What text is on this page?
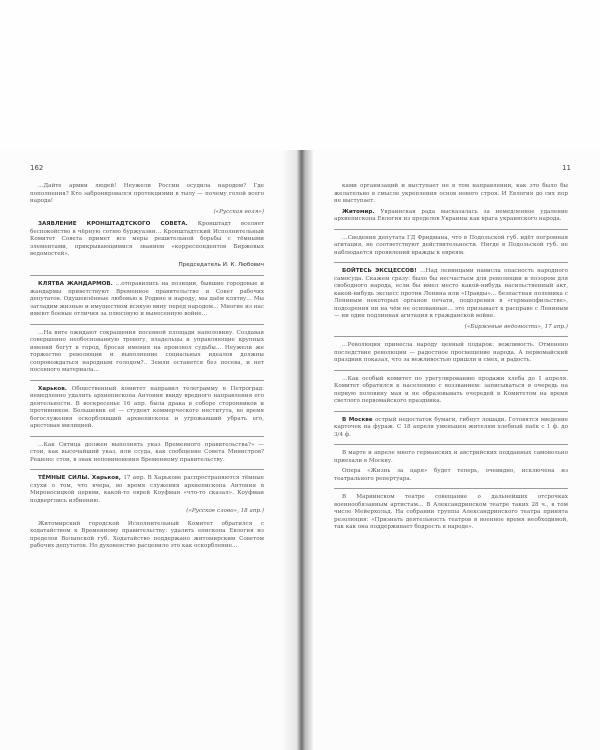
162	11

…Дайте армии людей! Неужели России осудила народом? Где пополнения? Кто забронировался протекциями в тылу — почему голой всего народа!

(«Русская воля»)

ЗАЯВЛЕНИЕ КРОНШТАДТСКОГО СОВЕТА. Кронштадт вселяет беспокойство в чёрную сотню буржуазии… Кронштадтский Исполнительный Комитет Совета примет все меры решительной борьбы с тёмными элементами, прикрывающимися званием «корреспондентов Биржевых ведомостей».

Председатель И. К. Любович

КЛЯТВА ЖАНДАРМОВ. …отправились на позиции, бывшие городовые и жандармы приветствуют Временное правительство и Совет рабочих депутатов. Одушевлённые любовью к Родине и народу, мы даём клятву… Мы загладим жизнью и имуществом всякую вину перед народом… Многие из нас имеют боевые отличия за плюсовую и вынесенную войне…

…На вите ожидают сокращения посевной площади наполовину. Создавая совершенно необоснованную тревогу, владельцы и управляющие крупных имений бегут в город, бросая имения на произвол судьбы… Неужели же торжество революции и выполнение социальных идеалов должны сопровождаться народным голодом?.. Земли останется без посева, и нет посевного материала…

Харьков. Общественный комитет направил телеграмму в Петроград: немедленно удалить архиепископа Антония ввиду вредного направления его деятельности. В воскресенье 16 апр. была драка в соборе сторонников и противников. Большевик её — студент коммерческого института, во время богослужения оскорблявший архиепископа и угрожавший убрать его, арестован милицией.

…Как Ситица должен выполнять указ Временного правительства?» — стои, как высочайший указ, или ссуда, как сообщение Совета Министров? Решено: стои, в знак неповиновения Временному правительству.

ТЁМНЫЕ СИЛЫ. Харьков, 17 апр. В Харькове распространяются тёмные слухи о том, что вчера, во время служения архиепископа Антония в Мироносицкой церкви, какой-то еврей Коуфман «что-то сказал». Коуфман подверглись избиению.

(«Русское слово», 18 апр.)

Житомирский городской Исполнительный Комитет обратился с ходатайством к Временному правительству: удалить епископа Евлогия из пределов Волынской губ. Ходатайство поддержано житомирским Советом рабочих депутатов. Но духовенство расценило это как оскорбление…

ками организаций и выступает не в том направлении, как это было бы желательно в смысле укрепления основ нового строя. И Евлогия до сих пор не выступает.

Житомир. Украинская рада высказалась за немедленное удаление архиепископа Евлогия из пределов Украины как врага украинского народа.

…Сведения депутата ГД Фридмана, что в Подольской губ. идёт погромная агитация, не соответствуют действительности. Нигде в Подольской губ. не наблюдается проявлений вражды к евреям.

БОЙТЕСЬ ЭКСЦЕССОВ! …Над ленинцами навислa опасность народного самосуда. Скажем сразу: было бы несчастьем для революции и позором для свободного народа, если бы имел место какой-нибудь насильственный акт, какой-нибудь эксцесс против Ленина или «Правды»… безпастная полемика с Лениным некоторых органов печати, подозрения в «германофильстве», подозрения ни на чём не основанные… это призывает к расправе с Лениным — ни один подлинная агитация к гражданской войне.

(«Биржевые ведомости», 17 апр.)

…Революция принесла народу ценный подарок: вежливость. Отменено последствие революции — радостное просвещение народа. А первомайский праздник показал, что за вежливостью пришли и смех, и радость.

…Как особый комитет по урегулированию продажи хлеба до 1 апреля. Комитет обратился к населению с воззванием: записываться в очередь на первую половину мая и не образовывать очередей в Комитетом на время светлого первомайского праздника.

В Москве острый недостаток бумаги, гибнут лошади. Готовятся введение карточек на фураж. С 18 апреля уменьшен жителям хлебный паёк с 1 ф. до 3/4 ф.

В марте и апреле много германских и австрийских подданных самовольно приехали в Москву.

Опера «Жизнь за царя» будет теперь, очевидно, исключена из театрального репертуара.

В Мариинском театре совещание о дальнейших отсрочках военнообязанным артистам… В Александринском театре таких 28 ч., в том числе Мейерхольд. На собрании труппы Александринского театра принята резолюция: «Признать деятельность театров в военное время необходимой, так как она поддерживает бодрость в народе».
